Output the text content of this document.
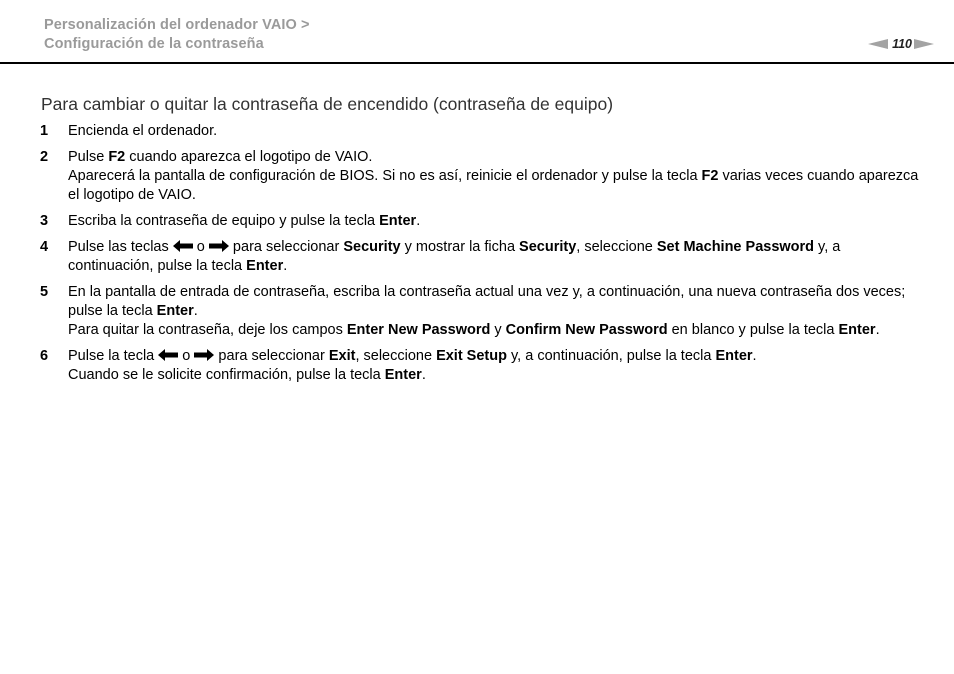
Personalización del ordenador VAIO >
Configuración de la contraseña	110
Para cambiar o quitar la contraseña de encendido (contraseña de equipo)
1	Encienda el ordenador.
2	Pulse F2 cuando aparezca el logotipo de VAIO.
Aparecerá la pantalla de configuración de BIOS. Si no es así, reinicie el ordenador y pulse la tecla F2 varias veces cuando aparezca el logotipo de VAIO.
3	Escriba la contraseña de equipo y pulse la tecla Enter.
4	Pulse las teclas  o  para seleccionar Security y mostrar la ficha Security, seleccione Set Machine Password y, a continuación, pulse la tecla Enter.
5	En la pantalla de entrada de contraseña, escriba la contraseña actual una vez y, a continuación, una nueva contraseña dos veces; pulse la tecla Enter.
Para quitar la contraseña, deje los campos Enter New Password y Confirm New Password en blanco y pulse la tecla Enter.
6	Pulse la tecla  o  para seleccionar Exit, seleccione Exit Setup y, a continuación, pulse la tecla Enter.
Cuando se le solicite confirmación, pulse la tecla Enter.
